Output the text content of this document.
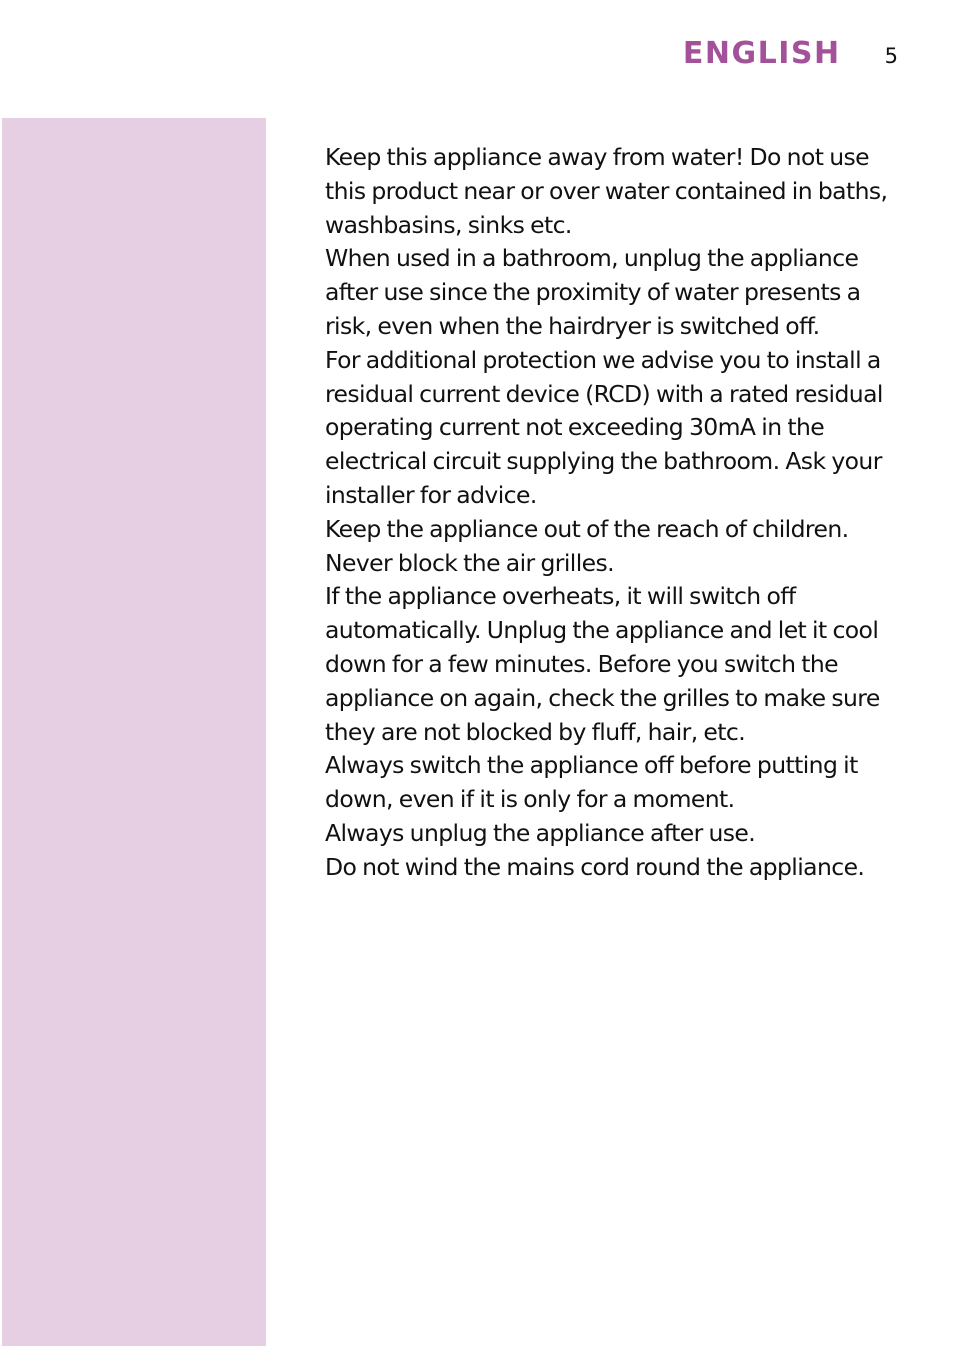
ENGLISH 5

Keep this appliance away from water! Do not use this product near or over water contained in baths, washbasins, sinks etc.

When used in a bathroom, unplug the appliance after use since the proximity of water presents a risk, even when the hairdryer is switched off.

For additional protection we advise you to install a residual current device (RCD) with a rated residual operating current not exceeding 30mA in the electrical circuit supplying the bathroom. Ask your installer for advice.

Keep the appliance out of the reach of children.

Never block the air grilles.

If the appliance overheats, it will switch off automatically. Unplug the appliance and let it cool down for a few minutes. Before you switch the appliance on again, check the grilles to make sure they are not blocked by fluff, hair, etc.

Always switch the appliance off before putting it down, even if it is only for a moment.

Always unplug the appliance after use.

Do not wind the mains cord round the appliance.
